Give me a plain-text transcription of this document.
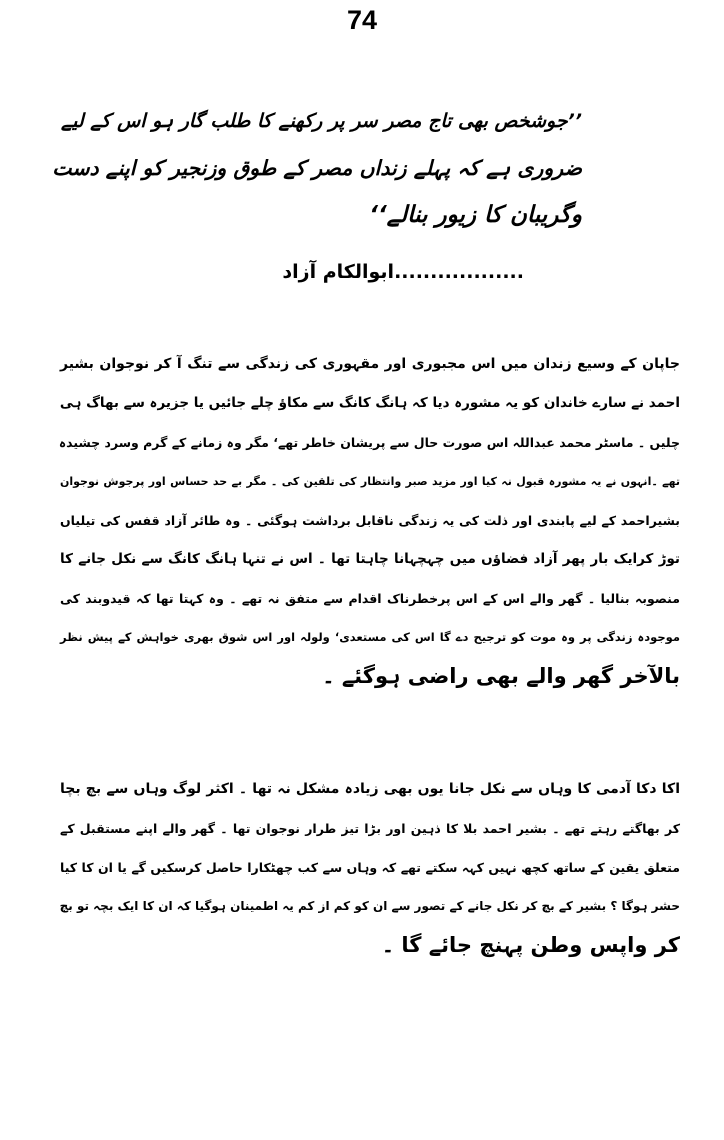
74
’’جوشخص بھی تاج مصر سر پر رکھنے کا طلب گار ہو اس کے لیے
ضروری ہے کہ پہلے زنداں مصر کے طوق وزنجیر کو اپنے دست
وگریبان کا زیور بنالے‘‘
..................ابوالکام آزاد
جاپان کے وسیع زندان میں اس مجبوری اور مقہوری کی زندگی سے تنگ آ کر نوجوان بشیر
احمد نے سارے خاندان کو یہ مشورہ دیا کہ ہانگ کانگ سے مکاؤ چلے جائیں یا جزیرہ سے بھاگ ہی
چلیں ۔ ماسٹر محمد عبداللہ اس صورت حال سے پریشان خاطر تھے‘ مگر وہ زمانے کے گرم وسرد چشیدہ
تھے ۔انہوں نے یہ مشورہ قبول نہ کیا اور مزید صبر وانتظار کی تلقین کی ۔ مگر بے حد حساس اور پرجوش نوجوان
بشیراحمد کے لیے پابندی اور ذلت کی یہ زندگی ناقابل برداشت ہوگئی ۔ وہ طائر آزاد قفس کی تیلیاں
توڑ کرایک بار پھر آزاد فضاؤں میں چہچہانا چاہتا تھا ۔ اس نے تنہا ہانگ کانگ سے نکل جانے کا
منصوبہ بنالیا ۔ گھر والے اس کے اس پرخطرناک اقدام سے متفق نہ تھے ۔ وہ کہتا تھا کہ قیدوبند کی
موجودہ زندگی پر وہ موت کو ترجیح دے گا اس کی مستعدی‘ ولولہ اور اس شوق بھری خواہش کے پیش نظر
بالآخر گھر والے بھی راضی ہوگئے ۔
اکا دکا آدمی کا وہاں سے نکل جانا یوں بھی زیادہ مشکل نہ تھا ۔ اکثر لوگ وہاں سے بچ بچا
کر بھاگتے رہتے تھے ۔ بشیر احمد بلا کا ذہین اور بڑا تیز طرار نوجوان تھا ۔ گھر والے اپنے مستقبل کے
متعلق یقین کے ساتھ کچھ نہیں کہہ سکتے تھے کہ وہاں سے کب چھٹکارا حاصل کرسکیں گے یا ان کا کیا
حشر ہوگا ؟ بشیر کے بچ کر نکل جانے کے تصور سے ان کو کم از کم یہ اطمینان ہوگیا کہ ان کا ایک بچہ تو بچ
کر واپس وطن پہنچ جائے گا ۔
